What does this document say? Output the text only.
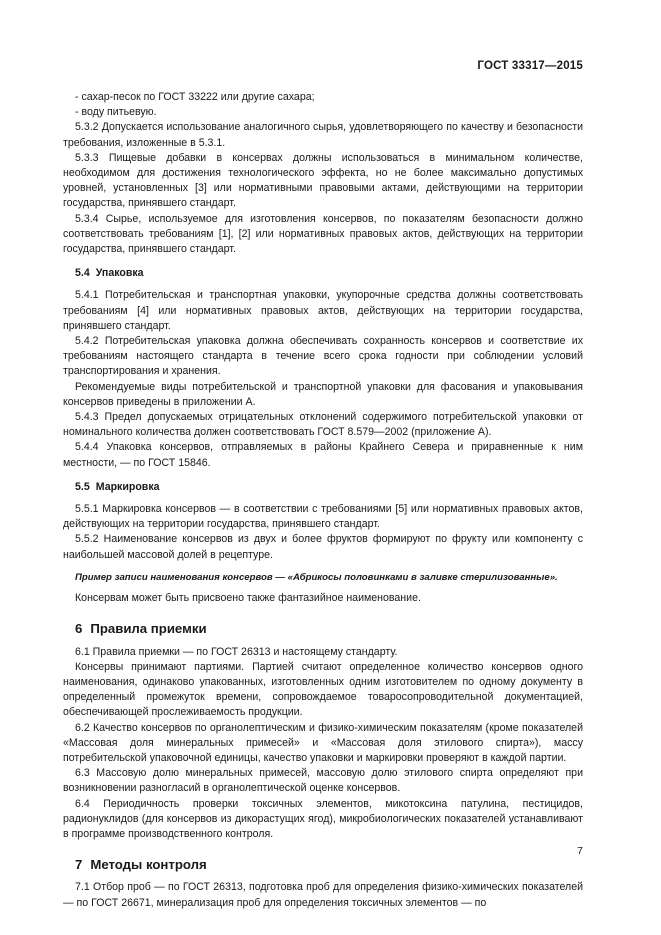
ГОСТ 33317—2015

- сахар-песок по ГОСТ 33222 или другие сахара;

- воду питьевую.

5.3.2 Допускается использование аналогичного сырья, удовлетворяющего по качеству и безопасности требования, изложенные в 5.3.1.

5.3.3 Пищевые добавки в консервах должны использоваться в минимальном количестве, необходимом для достижения технологического эффекта, но не более максимально допустимых уровней, установленных [3] или нормативными правовыми актами, действующими на территории государства, принявшего стандарт.

5.3.4 Сырье, используемое для изготовления консервов, по показателям безопасности должно соответствовать требованиям [1], [2] или нормативных правовых актов, действующих на территории государства, принявшего стандарт.

5.4 Упаковка

5.4.1 Потребительская и транспортная упаковки, укупорочные средства должны соответствовать требованиям [4] или нормативных правовых актов, действующих на территории государства, принявшего стандарт.

5.4.2 Потребительская упаковка должна обеспечивать сохранность консервов и соответствие их требованиям настоящего стандарта в течение всего срока годности при соблюдении условий транспортирования и хранения.

Рекомендуемые виды потребительской и транспортной упаковки для фасования и упаковывания консервов приведены в приложении А.

5.4.3 Предел допускаемых отрицательных отклонений содержимого потребительской упаковки от номинального количества должен соответствовать ГОСТ 8.579—2002 (приложение А).

5.4.4 Упаковка консервов, отправляемых в районы Крайнего Севера и приравненные к ним местности, — по ГОСТ 15846.

5.5 Маркировка

5.5.1 Маркировка консервов — в соответствии с требованиями [5] или нормативных правовых актов, действующих на территории государства, принявшего стандарт.

5.5.2 Наименование консервов из двух и более фруктов формируют по фрукту или компоненту с наибольшей массовой долей в рецептуре.

Пример записи наименования консервов — «Абрикосы половинками в заливке стерилизованные».

Консервам может быть присвоено также фантазийное наименование.

6 Правила приемки

6.1 Правила приемки — по ГОСТ 26313 и настоящему стандарту.

Консервы принимают партиями. Партией считают определенное количество консервов одного наименования, одинаково упакованных, изготовленных одним изготовителем по одному документу в определенный промежуток времени, сопровождаемое товаросопроводительной документацией, обеспечивающей прослеживаемость продукции.

6.2 Качество консервов по органолептическим и физико-химическим показателям (кроме показателей «Массовая доля минеральных примесей» и «Массовая доля этилового спирта»), массу потребительской упаковочной единицы, качество упаковки и маркировки проверяют в каждой партии.

6.3 Массовую долю минеральных примесей, массовую долю этилового спирта определяют при возникновении разногласий в органолептической оценке консервов.

6.4 Периодичность проверки токсичных элементов, микотоксина патулина, пестицидов, радионуклидов (для консервов из дикорастущих ягод), микробиологических показателей устанавливают в программе производственного контроля.

7 Методы контроля

7.1 Отбор проб — по ГОСТ 26313, подготовка проб для определения физико-химических показателей — по ГОСТ 26671, минерализация проб для определения токсичных элементов — по

7
